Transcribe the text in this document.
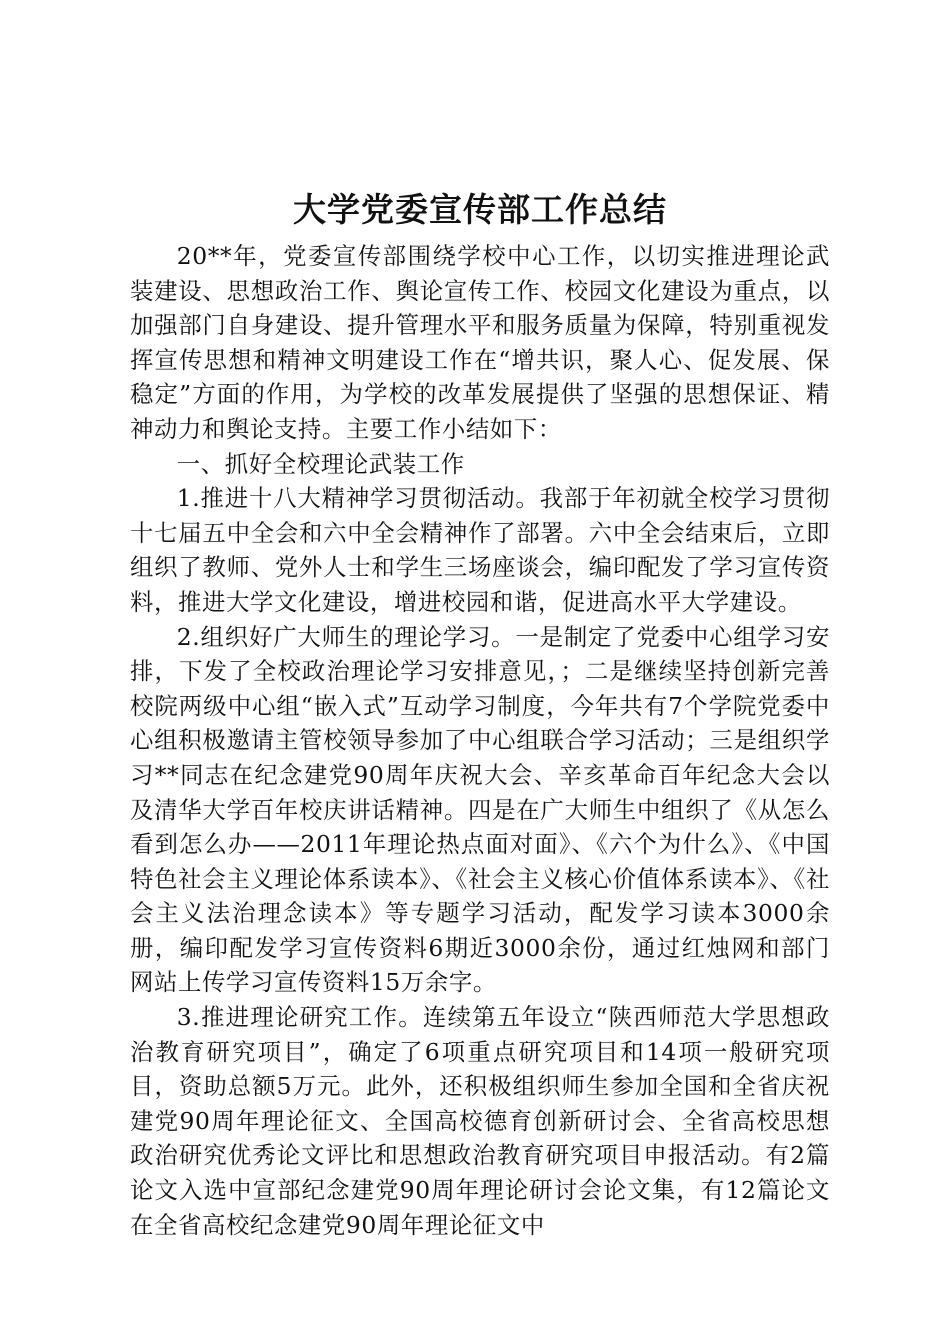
大学党委宣传部工作总结

20**年，党委宣传部围绕学校中心工作，以切实推进理论武装建设、思想政治工作、舆论宣传工作、校园文化建设为重点，以加强部门自身建设、提升管理水平和服务质量为保障，特别重视发挥宣传思想和精神文明建设工作在“增共识，聚人心、促发展、保稳定”方面的作用，为学校的改革发展提供了坚强的思想保证、精神动力和舆论支持。主要工作小结如下：

一、抓好全校理论武装工作

1.推进十八大精神学习贯彻活动。我部于年初就全校学习贯彻十七届五中全会和六中全会精神作了部署。六中全会结束后，立即组织了教师、党外人士和学生三场座谈会，编印配发了学习宣传资料，推进大学文化建设，增进校园和谐，促进高水平大学建设。

2.组织好广大师生的理论学习。一是制定了党委中心组学习安排，下发了全校政治理论学习安排意见，；二是继续坚持创新完善校院两级中心组“嵌入式”互动学习制度，今年共有7个学院党委中心组积极邀请主管校领导参加了中心组联合学习活动；三是组织学习**同志在纪念建党90周年庆祝大会、辛亥革命百年纪念大会以及清华大学百年校庆讲话精神。四是在广大师生中组织了《从怎么看到怎么办——2011年理论热点面对面》、《六个为什么》、《中国特色社会主义理论体系读本》、《社会主义核心价值体系读本》、《社会主义法治理念读本》等专题学习活动，配发学习读本3000余册，编印配发学习宣传资料6期近3000余份，通过红烛网和部门网站上传学习宣传资料15万余字。

3.推进理论研究工作。连续第五年设立“陕西师范大学思想政治教育研究项目”，确定了6项重点研究项目和14项一般研究项目，资助总额5万元。此外，还积极组织师生参加全国和全省庆祝建党90周年理论征文、全国高校德育创新研讨会、全省高校思想政治研究优秀论文评比和思想政治教育研究项目申报活动。有2篇论文入选中宣部纪念建党90周年理论研讨会论文集，有12篇论文在全省高校纪念建党90周年理论征文中
